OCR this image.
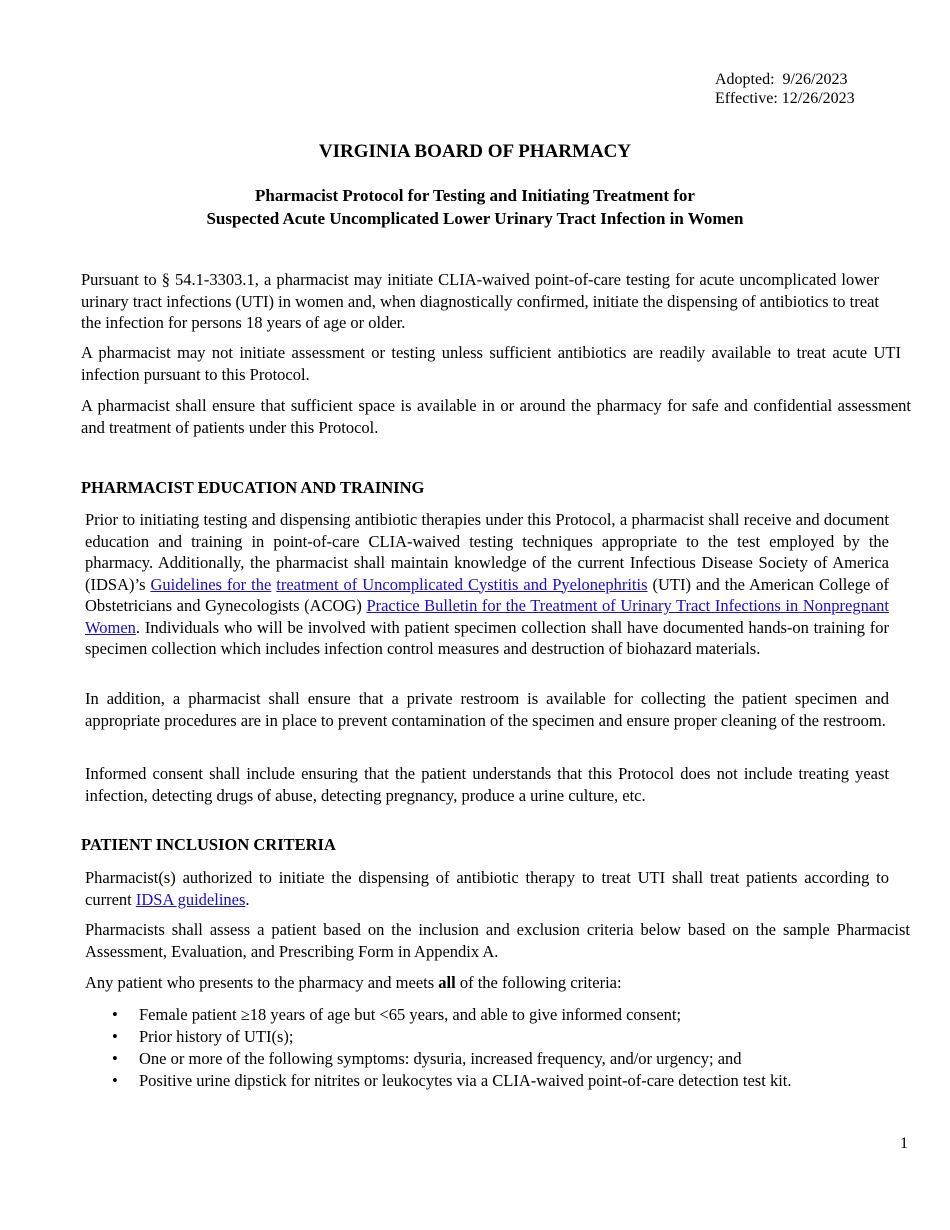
Adopted: 9/26/2023
Effective: 12/26/2023
VIRGINIA BOARD OF PHARMACY
Pharmacist Protocol for Testing and Initiating Treatment for
Suspected Acute Uncomplicated Lower Urinary Tract Infection in Women

Pursuant to § 54.1-3303.1, a pharmacist may initiate CLIA-waived point-of-care testing for acute uncomplicated lower urinary tract infections (UTI) in women and, when diagnostically confirmed, initiate the dispensing of antibiotics to treat the infection for persons 18 years of age or older.

A pharmacist may not initiate assessment or testing unless sufficient antibiotics are readily available to treat acute UTI infection pursuant to this Protocol.

A pharmacist shall ensure that sufficient space is available in or around the pharmacy for safe and confidential assessment and treatment of patients under this Protocol.

PHARMACIST EDUCATION AND TRAINING

Prior to initiating testing and dispensing antibiotic therapies under this Protocol, a pharmacist shall receive and document education and training in point-of-care CLIA-waived testing techniques appropriate to the test employed by the pharmacy. Additionally, the pharmacist shall maintain knowledge of the current Infectious Disease Society of America (IDSA)’s Guidelines for the treatment of Uncomplicated Cystitis and Pyelonephritis (UTI) and the American College of Obstetricians and Gynecologists (ACOG) Practice Bulletin for the Treatment of Urinary Tract Infections in Nonpregnant Women. Individuals who will be involved with patient specimen collection shall have documented hands-on training for specimen collection which includes infection control measures and destruction of biohazard materials.

In addition, a pharmacist shall ensure that a private restroom is available for collecting the patient specimen and appropriate procedures are in place to prevent contamination of the specimen and ensure proper cleaning of the restroom.

Informed consent shall include ensuring that the patient understands that this Protocol does not include treating yeast infection, detecting drugs of abuse, detecting pregnancy, produce a urine culture, etc.

PATIENT INCLUSION CRITERIA

Pharmacist(s) authorized to initiate the dispensing of antibiotic therapy to treat UTI shall treat patients according to current IDSA guidelines.

Pharmacists shall assess a patient based on the inclusion and exclusion criteria below based on the sample Pharmacist Assessment, Evaluation, and Prescribing Form in Appendix A.

Any patient who presents to the pharmacy and meets all of the following criteria:

• Female patient ≥18 years of age but <65 years, and able to give informed consent;
• Prior history of UTI(s);
• One or more of the following symptoms: dysuria, increased frequency, and/or urgency; and
• Positive urine dipstick for nitrites or leukocytes via a CLIA-waived point-of-care detection test kit.
1
